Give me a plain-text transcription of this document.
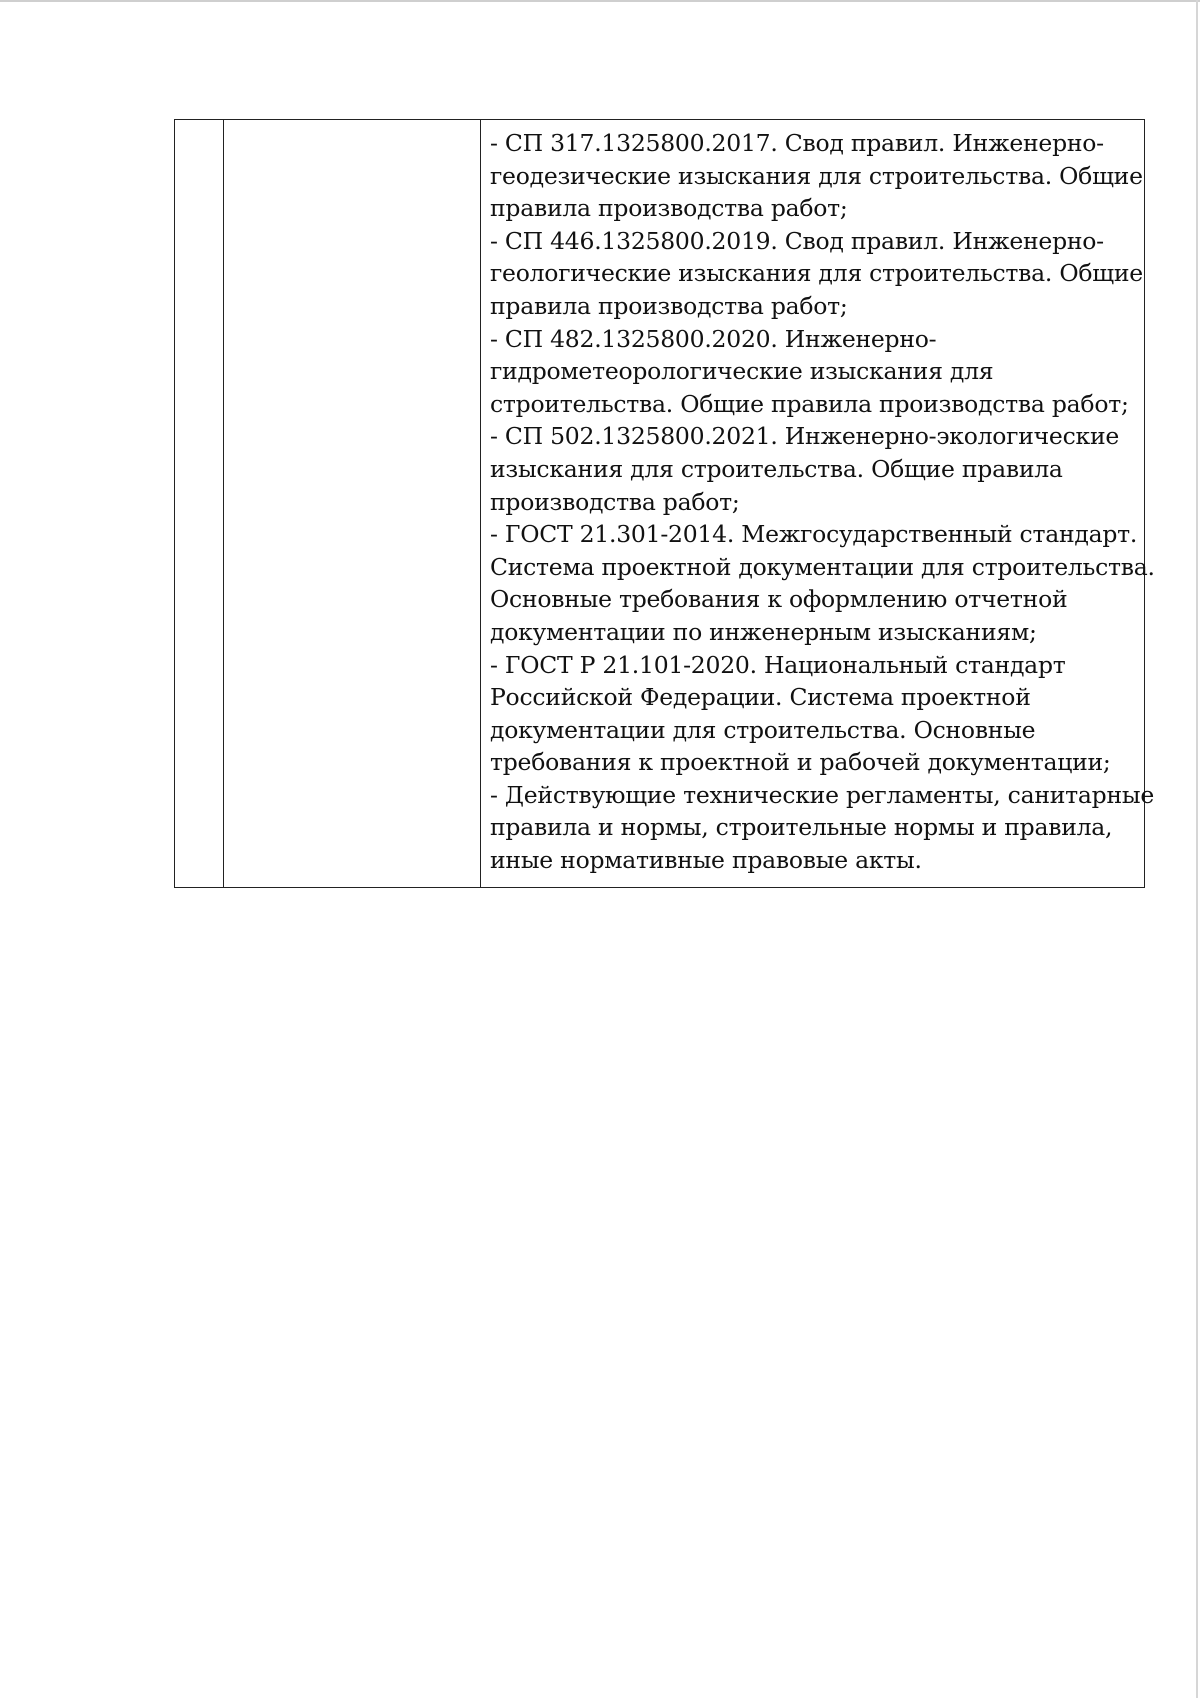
- СП 317.1325800.2017. Свод правил. Инженерно-
геодезические изыскания для строительства. Общие
правила производства работ;
- СП 446.1325800.2019. Свод правил. Инженерно-
геологические изыскания для строительства. Общие
правила производства работ;
- СП 482.1325800.2020. Инженерно-
гидрометеорологические изыскания для
строительства. Общие правила производства работ;
- СП 502.1325800.2021. Инженерно-экологические
изыскания для строительства. Общие правила
производства работ;
- ГОСТ 21.301-2014. Межгосударственный стандарт.
Система проектной документации для строительства.
Основные требования к оформлению отчетной
документации по инженерным изысканиям;
- ГОСТ Р 21.101-2020. Национальный стандарт
Российской Федерации. Система проектной
документации для строительства. Основные
требования к проектной и рабочей документации;
- Действующие технические регламенты, санитарные
правила и нормы, строительные нормы и правила,
иные нормативные правовые акты.
